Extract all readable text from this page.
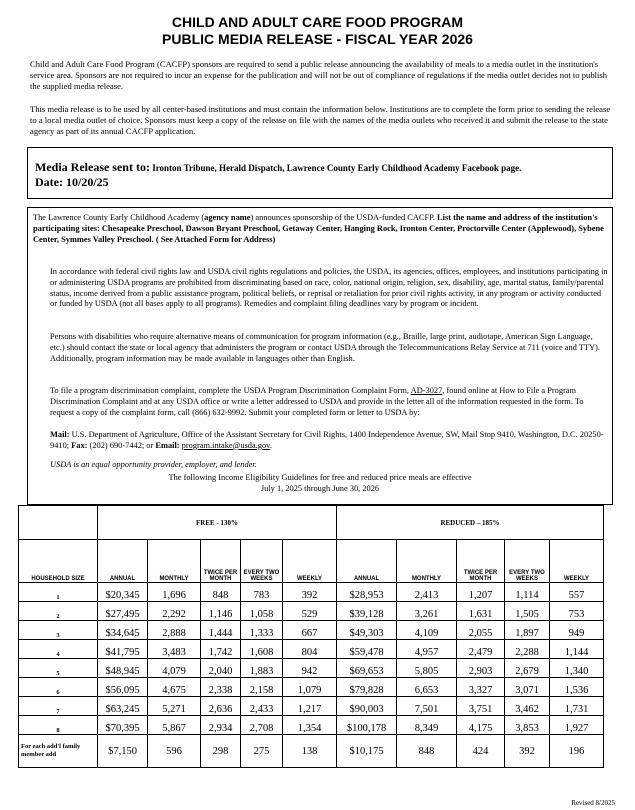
CHILD AND ADULT CARE FOOD PROGRAM
PUBLIC MEDIA RELEASE - FISCAL YEAR 2026
Child and Adult Care Food Program (CACFP) sponsors are required to send a public release announcing the availability of meals to a media outlet in the institution's service area. Sponsors are not required to incur an expense for the publication and will not be out of compliance of regulations if the media outlet decides not to publish the supplied media release.
This media release is to be used by all center-based institutions and must contain the information below. Institutions are to complete the form prior to sending the release to a local media outlet of choice. Sponsors must keep a copy of the release on file with the names of the media outlets who received it and submit the release to the state agency as part of its annual CACFP application.
Media Release sent to: Ironton Tribune, Herald Dispatch, Lawrence County Early Childhood Academy Facebook page.
Date: 10/20/25
The Lawrence County Early Childhood Academy (agency name) announces sponsorship of the USDA-funded CACFP. List the name and address of the institution's participating sites: Chesapeake Preschool, Dawson Bryant Preschool, Getaway Center, Hanging Rock, Ironton Center, Proctorville Center (Applewood), Sybene Center, Symmes Valley Preschool. ( See Attached Form for Address)
In accordance with federal civil rights law and USDA civil rights regulations and policies, the USDA, its agencies, offices, employees, and institutions participating in or administering USDA programs are prohibited from discriminating based on race, color, national origin, religion, sex, disability, age, marital status, family/parental status, income derived from a public assistance program, political beliefs, or reprisal or retaliation for prior civil rights activity, in any program or activity conducted or funded by USDA (not all bases apply to all programs). Remedies and complaint filing deadlines vary by program or incident.
Persons with disabilities who require alternative means of communication for program information (e.g., Braille, large print, audiotape, American Sign Language, etc.) should contact the state or local agency that administers the program or contact USDA through the Telecommunications Relay Service at 711 (voice and TTY). Additionally, program information may be made available in languages other than English.
To file a program discrimination complaint, complete the USDA Program Discrimination Complaint Form, AD-3027, found online at How to File a Program Discrimination Complaint and at any USDA office or write a letter addressed to USDA and provide in the letter all of the information requested in the form. To request a copy of the complaint form, call (866) 632-9992. Submit your completed form or letter to USDA by:
Mail: U.S. Department of Agriculture, Office of the Assistant Secretary for Civil Rights, 1400 Independence Avenue, SW, Mail Stop 9410, Washington, D.C. 20250-9410; Fax: (202) 690-7442; or Email: program.intake@usda.gov.
USDA is an equal opportunity provider, employer, and lender.
The following Income Eligibility Guidelines for free and reduced price meals are effective
July 1, 2025 through June 30, 2026
	FREE - 130%					REDUCED – 185%				
HOUSEHOLD SIZE	ANNUAL	MONTHLY	TWICE PER MONTH	EVERY TWO WEEKS	WEEKLY	ANNUAL	MONTHLY	TWICE PER MONTH	EVERY TWO WEEKS	WEEKLY
1	$20,345	1,696	848	783	392	$28,953	2,413	1,207	1,114	557
2	$27,495	2,292	1,146	1,058	529	$39,128	3,261	1,631	1,505	753
3	$34,645	2,888	1,444	1,333	667	$49,303	4,109	2,055	1,897	949
4	$41,795	3,483	1,742	1,608	804	$59,478	4,957	2,479	2,288	1,144
5	$48,945	4,079	2,040	1,883	942	$69,653	5,805	2,903	2,679	1,340
6	$56,095	4,675	2,338	2,158	1,079	$79,828	6,653	3,327	3,071	1,536
7	$63,245	5,271	2,636	2,433	1,217	$90,003	7,501	3,751	3,462	1,731
8	$70,395	5,867	2,934	2,708	1,354	$100,178	8,349	4,175	3,853	1,927
For each add'l family member add	$7,150	596	298	275	138	$10,175	848	424	392	196
Revised 8/2025
